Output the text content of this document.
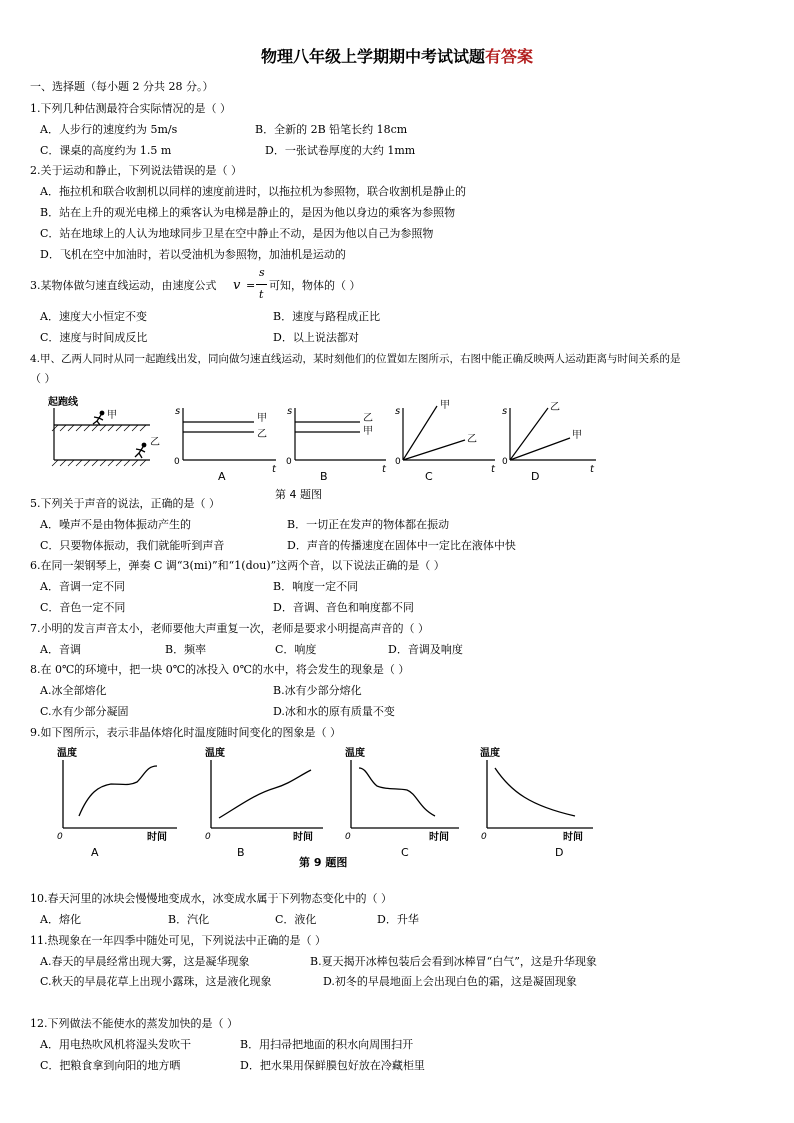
物理八年级上学期期中考试试题有答案
一、选择题（每小题 2 分共 28 分。）
1.下列几种估测最符合实际情况的是（ ）
A．人步行的速度约为 5m/s	B．全新的 2B 铅笔长约 18cm
C．课桌的高度约为 1.5 m	D．一张试卷厚度的大约 1mm
2.关于运动和静止，下列说法错误的是（ ）
A．拖拉机和联合收割机以同样的速度前进时，以拖拉机为参照物，联合收割机是静止的
B．站在上升的观光电梯上的乘客认为电梯是静止的，是因为他以身边的乘客为参照物
C．站在地球上的人认为地球同步卫星在空中静止不动，是因为他以自己为参照物
D．飞机在空中加油时，若以受油机为参照物，加油机是运动的
3.某物体做匀速直线运动，由速度公式 v =
s
t
可知，物体的（ ）
A．速度大小恒定不变	B．速度与路程成正比
C．速度与时间成反比	D．以上说法都对
4.甲、乙两人同时从同一起跑线出发，同向做匀速直线运动，某时刻他们的位置如左图所示，右图中能正确反映两人运动距离与时间关系的是
（ ）
起跑线
甲
乙
s
0
t
甲
乙
s
0
t
乙
甲
s
0
t
甲
乙
s
0
t
乙
甲
A	B	C	D
第 4 题图
5.下列关于声音的说法，正确的是（ ）
A．噪声不是由物体振动产生的	B．一切正在发声的物体都在振动
C．只要物体振动，我们就能听到声音	D．声音的传播速度在固体中一定比在液体中快
6.在同一架钢琴上，弹奏 C 调“3(mi)”和“1(dou)”这两个音，以下说法正确的是（ ）
A．音调一定不同	B．响度一定不同
C．音色一定不同	D．音调、音色和响度都不同
7.小明的发言声音太小，老师要他大声重复一次，老师是要求小明提高声音的（ ）
A．音调	B．频率	C．响度	D．音调及响度
8.在 0℃的环境中，把一块 0℃的冰投入 0℃的水中，将会发生的现象是（ ）
A.冰全部熔化	B.冰有少部分熔化
C.水有少部分凝固	D.冰和水的原有质量不变
9.如下图所示，表示非晶体熔化时温度随时间变化的图象是（ ）
温度
0	时间
温度
0	时间
温度
0	时间
温度
0	时间
A	B	C	D
第 9 题图
10.春天河里的冰块会慢慢地变成水，冰变成水属于下列物态变化中的（ ）
A．熔化	B．汽化	C．液化	D．升华
11.热现象在一年四季中随处可见，下列说法中正确的是（ ）
A.春天的早晨经常出现大雾，这是凝华现象	B.夏天揭开冰棒包装后会看到冰棒冒“白气”，这是升华现象
C.秋天的早晨花草上出现小露珠，这是液化现象	D.初冬的早晨地面上会出现白色的霜，这是凝固现象
12.下列做法不能使水的蒸发加快的是（ ）
A．用电热吹风机将湿头发吹干	B．用扫帚把地面的积水向周围扫开
C．把粮食拿到向阳的地方晒	D．把水果用保鲜膜包好放在冷藏柜里
